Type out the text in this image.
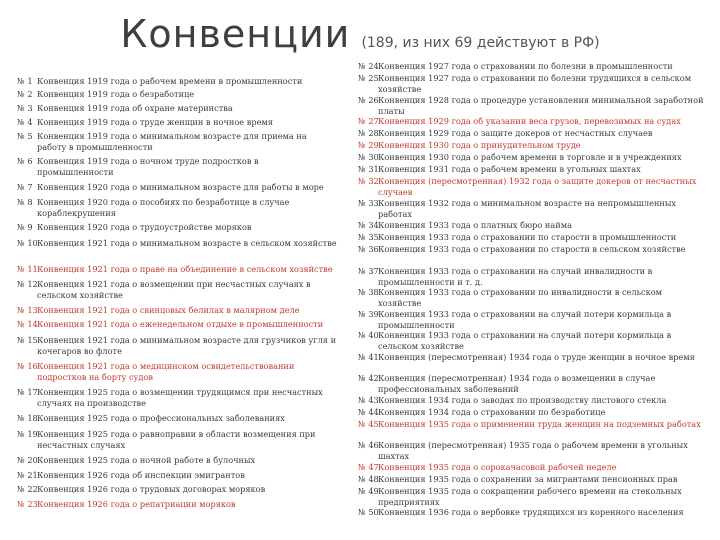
Конвенции (189, из них 69 действуют в РФ)
№ 1 Конвенция 1919 года о рабочем времени в промышленности
№ 2 Конвенция 1919 года о безработице
№ 3 Конвенция 1919 года об охране материнства
№ 4 Конвенция 1919 года о труде женщин в ночное время
№ 5 Конвенция 1919 года о минимальном возрасте для приема на работу в промышленности
№ 6 Конвенция 1919 года о ночном труде подростков в промышленности
№ 7 Конвенция 1920 года о минимальном возрасте для работы в море
№ 8 Конвенция 1920 года о пособиях по безработице в случае кораблекрушения
№ 9 Конвенция 1920 года о трудоустройстве моряков
№ 10 Конвенция 1921 года о минимальном возрасте в сельском хозяйстве
№ 11 Конвенция 1921 года о праве на объединение в сельском хозяйстве
№ 12 Конвенция 1921 года о возмещении при несчастных случаях в сельском хозяйстве
№ 13 Конвенция 1921 года о свинцовых белилах в малярном деле
№ 14 Конвенция 1921 года о еженедельном отдыхе в промышленности
№ 15 Конвенция 1921 года о минимальном возрасте для грузчиков угля и кочегаров во флоте
№ 16 Конвенция 1921 года о медицинском освидетельствовании подростков на борту судов
№ 17 Конвенция 1925 года о возмещении трудящимся при несчастных случаях на производстве
№ 18 Конвенция 1925 года о профессиональных заболеваниях
№ 19 Конвенция 1925 года о равноправии в области возмещения при несчастных случаях
№ 20 Конвенция 1925 года о ночной работе в булочных
№ 21 Конвенция 1926 года об инспекции эмигрантов
№ 22 Конвенция 1926 года о трудовых договорах моряков
№ 23 Конвенция 1926 года о репатриации моряков
№ 24 Конвенция 1927 года о страховании по болезни в промышленности
№ 25 Конвенция 1927 года о страховании по болезни трудящихся в сельском хозяйстве
№ 26 Конвенция 1928 года о процедуре установления минимальной заработной платы
№ 27 Конвенция 1929 года об указании веса грузов, перевозимых на судах
№ 28 Конвенция 1929 года о защите докеров от несчастных случаев
№ 29 Конвенция 1930 года о принудительном труде
№ 30 Конвенция 1930 года о рабочем времени в торговле и в учреждениях
№ 31 Конвенция 1931 года о рабочем времени в угольных шахтах
№ 32 Конвенция (пересмотренная) 1932 года о защите докеров от несчастных случаев
№ 33 Конвенция 1932 года о минимальном возрасте на непромышленных работах
№ 34 Конвенция 1933 года о платных бюро найма
№ 35 Конвенция 1933 года о страховании по старости в промышленности
№ 36 Конвенция 1933 года о страховании по старости в сельском хозяйстве
№ 37 Конвенция 1933 года о страховании на случай инвалидности в промышленности и т. д.
№ 38 Конвенция 1933 года о страховании по инвалидности в сельском хозяйстве
№ 39 Конвенция 1933 года о страховании на случай потери кормильца в промышленности
№ 40 Конвенция 1933 года о страховании на случай потери кормильца в сельском хозяйстве
№ 41 Конвенция (пересмотренная) 1934 года о труде женщин в ночное время
№ 42 Конвенция (пересмотренная) 1934 года о возмещении в случае профессиональных заболеваний
№ 43 Конвенция 1934 года о заводах по производству листового стекла
№ 44 Конвенция 1934 года о страховании по безработице
№ 45 Конвенция 1935 года о применении труда женщин на подземных работах
№ 46 Конвенция (пересмотренная) 1935 года о рабочем времени в угольных шахтах
№ 47 Конвенция 1935 года о сорокачасовой рабочей неделе
№ 48 Конвенция 1935 года о сохранении за мигрантами пенсионных прав
№ 49 Конвенция 1935 года о сокращении рабочего времени на стекольных предприятиях
№ 50 Конвенция 1936 года о вербовке трудящихся из коренного населения
